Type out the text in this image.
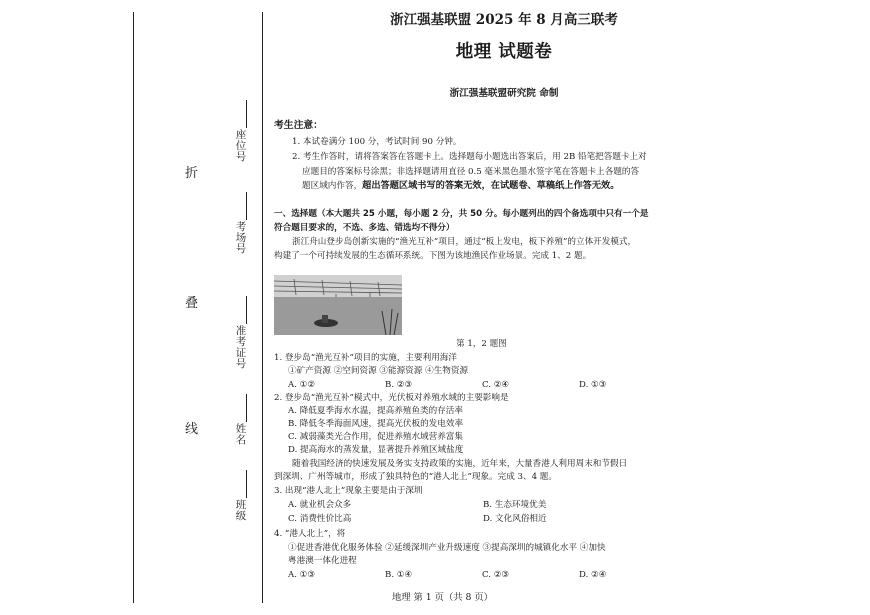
折
叠
线
座位号
考场号
准考证号
姓名
班级
浙江强基联盟 2025 年 8 月高三联考
地理 试题卷
浙江强基联盟研究院 命制
考生注意：
1. 本试卷满分 100 分，考试时间 90 分钟。
2. 考生作答时，请将答案答在答题卡上。选择题每小题选出答案后，用 2B 铅笔把答题卡上对
应题目的答案标号涂黑；非选择题请用直径 0.5 毫米黑色墨水签字笔在答题卡上各题的答
题区域内作答，超出答题区域书写的答案无效，在试题卷、草稿纸上作答无效。
一、选择题（本大题共 25 小题，每小题 2 分，共 50 分。每小题列出的四个备选项中只有一个是
符合题目要求的，不选、多选、错选均不得分）
浙江舟山登步岛创新实施的“渔光互补”项目，通过“板上发电，板下养殖”的立体开发模式，
构建了一个可持续发展的生态循环系统。下图为该地渔民作业场景。完成 1、2 题。
第 1，2 题图
1. 登步岛“渔光互补”项目的实施，主要利用海洋
①矿产资源 ②空间资源 ③能源资源 ④生物资源
A. ①②	B. ②③	C. ②④	D. ①③
2. 登步岛“渔光互补”模式中，光伏板对养殖水域的主要影响是
A. 降低夏季海水水温，提高养殖鱼类的存活率
B. 降低冬季海面风速，提高光伏板的发电效率
C. 减弱藻类光合作用，促进养殖水域营养富集
D. 提高海水的蒸发量，显著提升养殖区域盐度
随着我国经济的快速发展及务实支持政策的实施，近年来，大量香港人利用周末和节假日
到深圳、广州等城市，形成了独具特色的“港人北上”现象。完成 3、4 题。
3. 出现“港人北上”现象主要是由于深圳
A. 就业机会众多	B. 生态环境优美
C. 消费性价比高	D. 文化风俗相近
4. “港人北上”，将
①促进香港优化服务体验 ②延缓深圳产业升级速度 ③提高深圳的城镇化水平 ④加快
粤港澳一体化进程
A. ①③	B. ①④	C. ②③	D. ②④
地理 第 1 页（共 8 页）
